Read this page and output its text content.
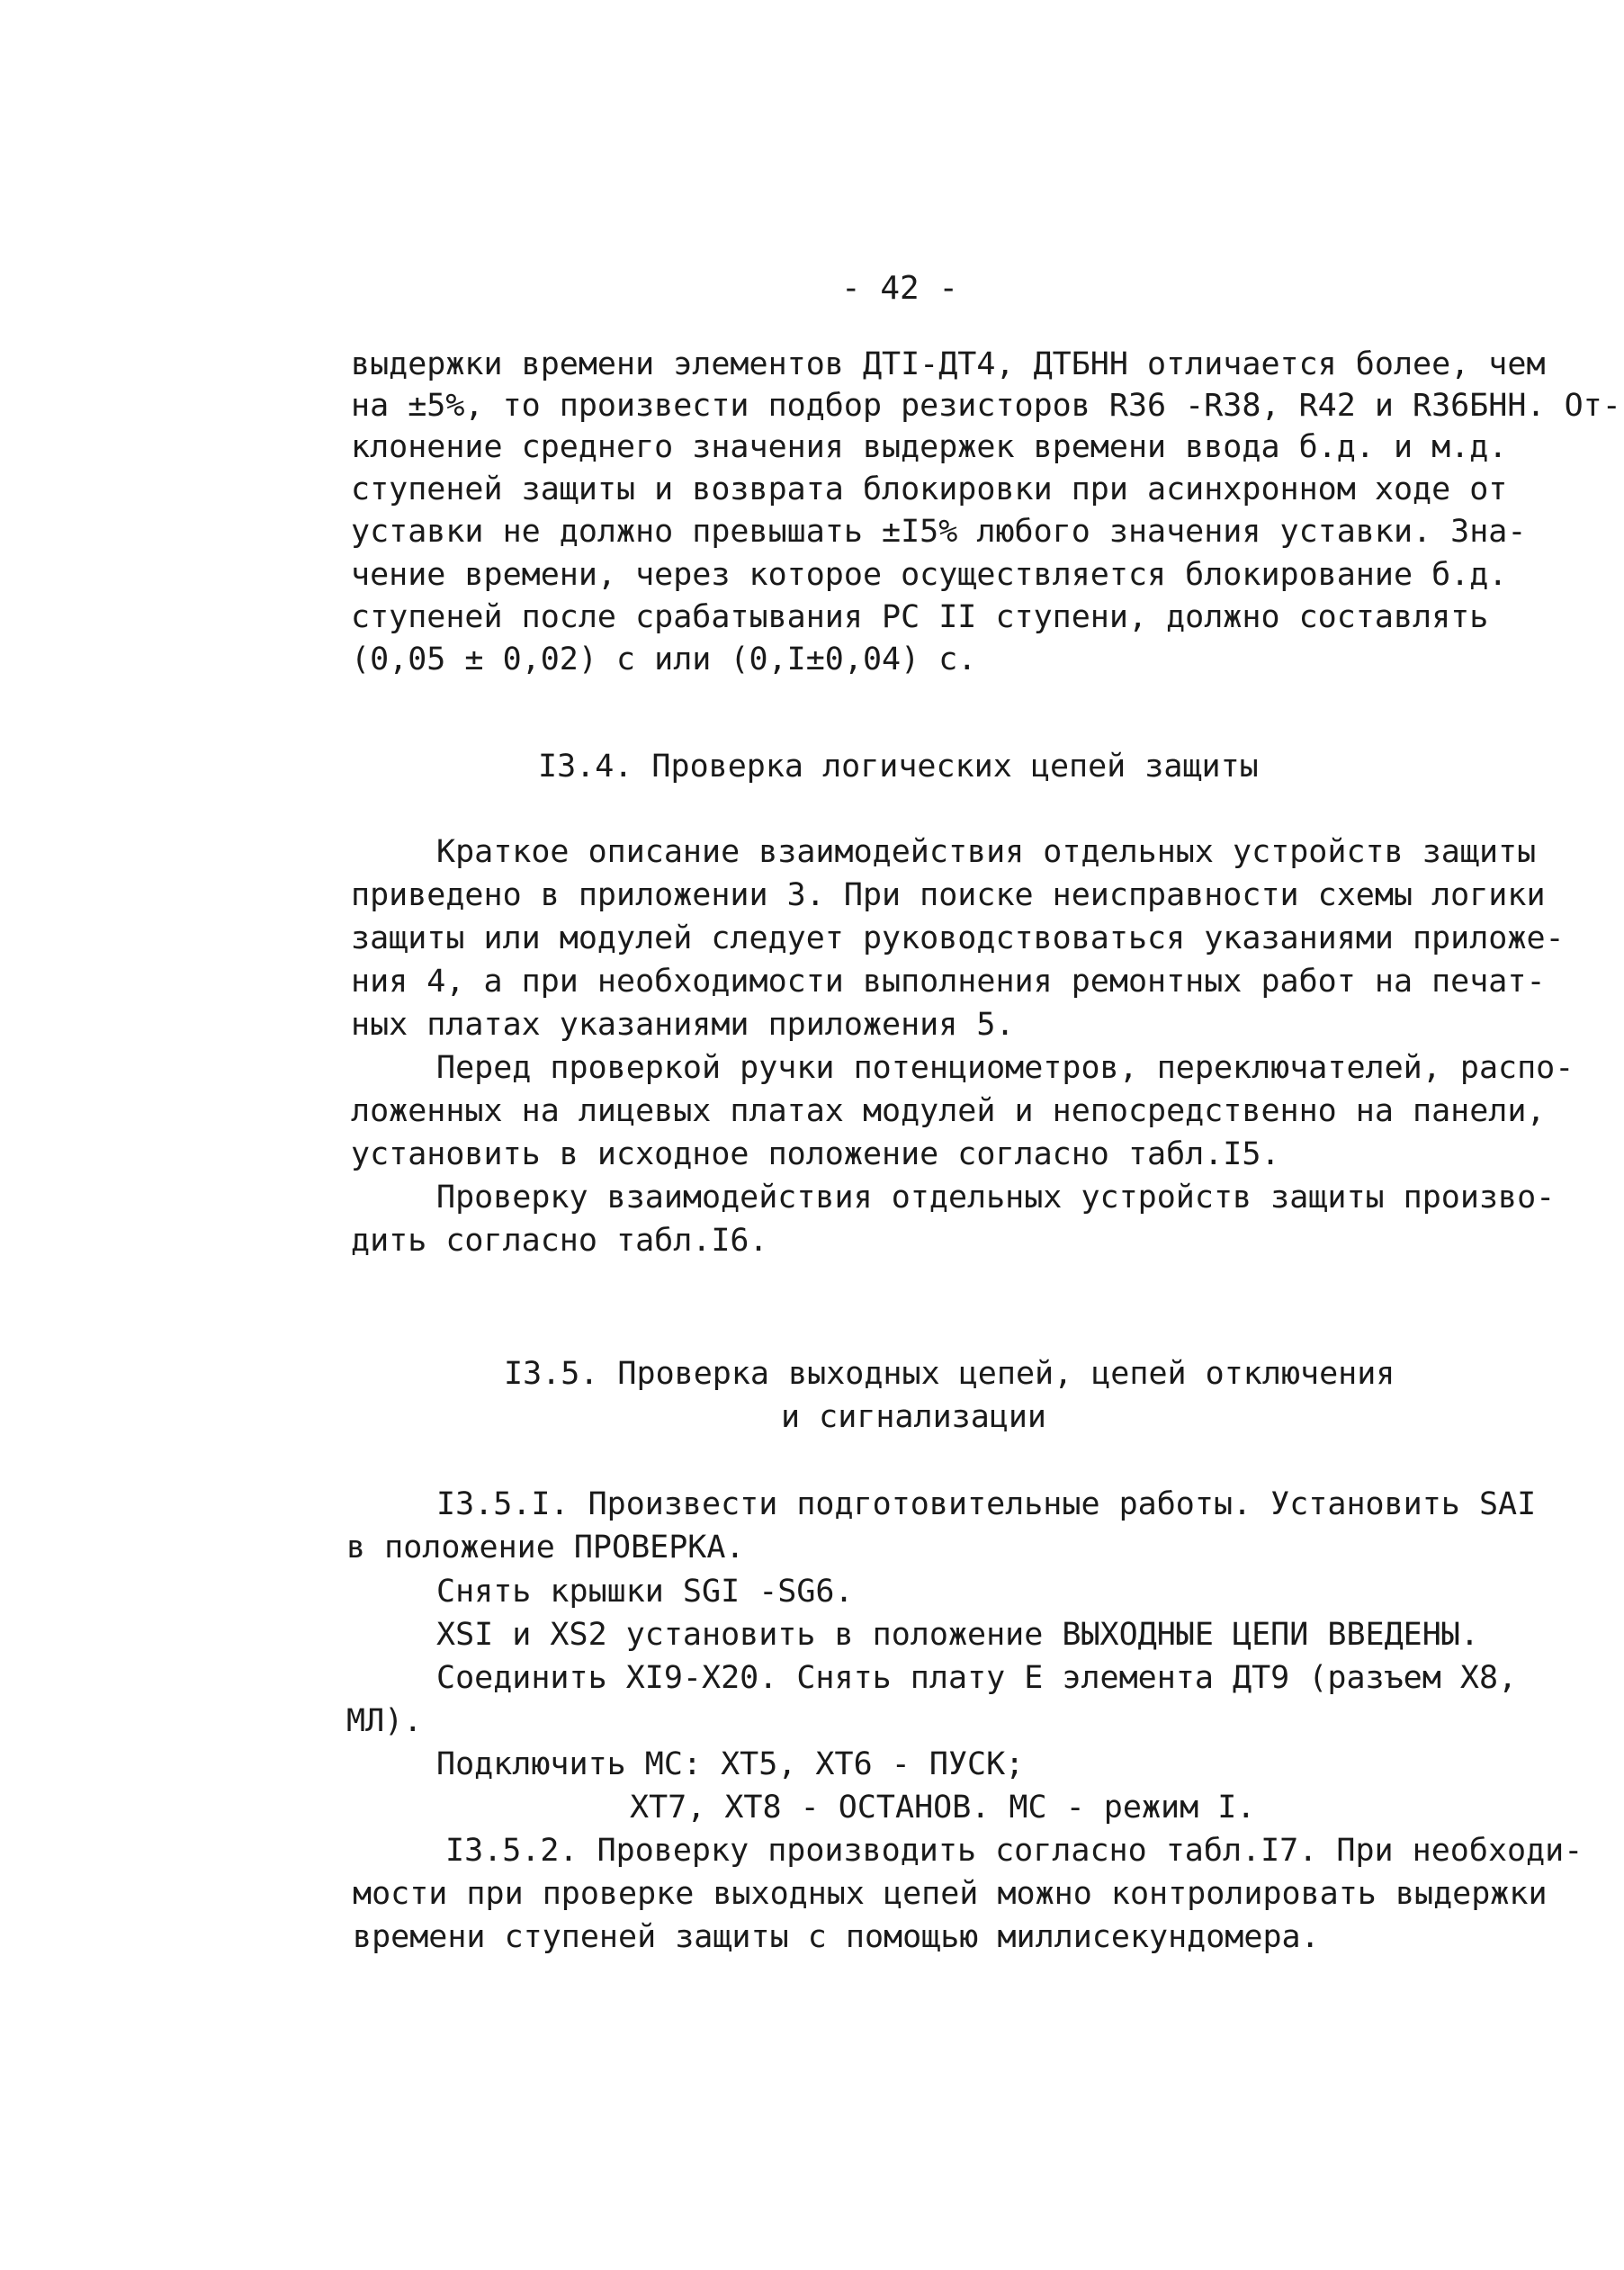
- 42 -
выдержки времени элементов ДТI-ДТ4, ДТБНН отличается более, чем
на ±5%, то произвести подбор резисторов R36 -R38, R42 и R36БНН. От-
клонение среднего значения выдержек времени ввода б.д. и м.д.
ступеней защиты и возврата блокировки при асинхронном ходе от
уставки не должно превышать ±I5% любого значения уставки. Зна-
чение времени, через которое осуществляется блокирование б.д.
ступеней после срабатывания РС II ступени, должно составлять
(0,05 ± 0,02) с или (0,I±0,04) с.
I3.4. Проверка логических цепей защиты
Краткое описание взаимодействия отдельных устройств защиты
приведено в приложении 3. При поиске неисправности схемы логики
защиты или модулей следует руководствоваться указаниями приложе-
ния 4, а при необходимости выполнения ремонтных работ на печат-
ных платах указаниями приложения 5.
Перед проверкой ручки потенциометров, переключателей, распо-
ложенных на лицевых платах модулей и непосредственно на панели,
установить в исходное положение согласно табл.I5.
Проверку взаимодействия отдельных устройств защиты произво-
дить согласно табл.I6.
I3.5. Проверка выходных цепей, цепей отключения
и сигнализации
I3.5.I. Произвести подготовительные работы. Установить SAI
в положение ПРОВЕРКА.
Снять крышки SGI -SG6.
XSI и XS2 установить в положение ВЫХОДНЫЕ ЦЕПИ ВВЕДЕНЫ.
Соединить XI9-X20. Снять плату Е элемента ДТ9 (разъем X8,
МЛ).
Подключить МС: XT5, XT6 - ПУСК;
XT7, XT8 - ОСТАНОВ. МС - режим I.
I3.5.2. Проверку производить согласно табл.I7. При необходи-
мости при проверке выходных цепей можно контролировать выдержки
времени ступеней защиты с помощью миллисекундомера.
